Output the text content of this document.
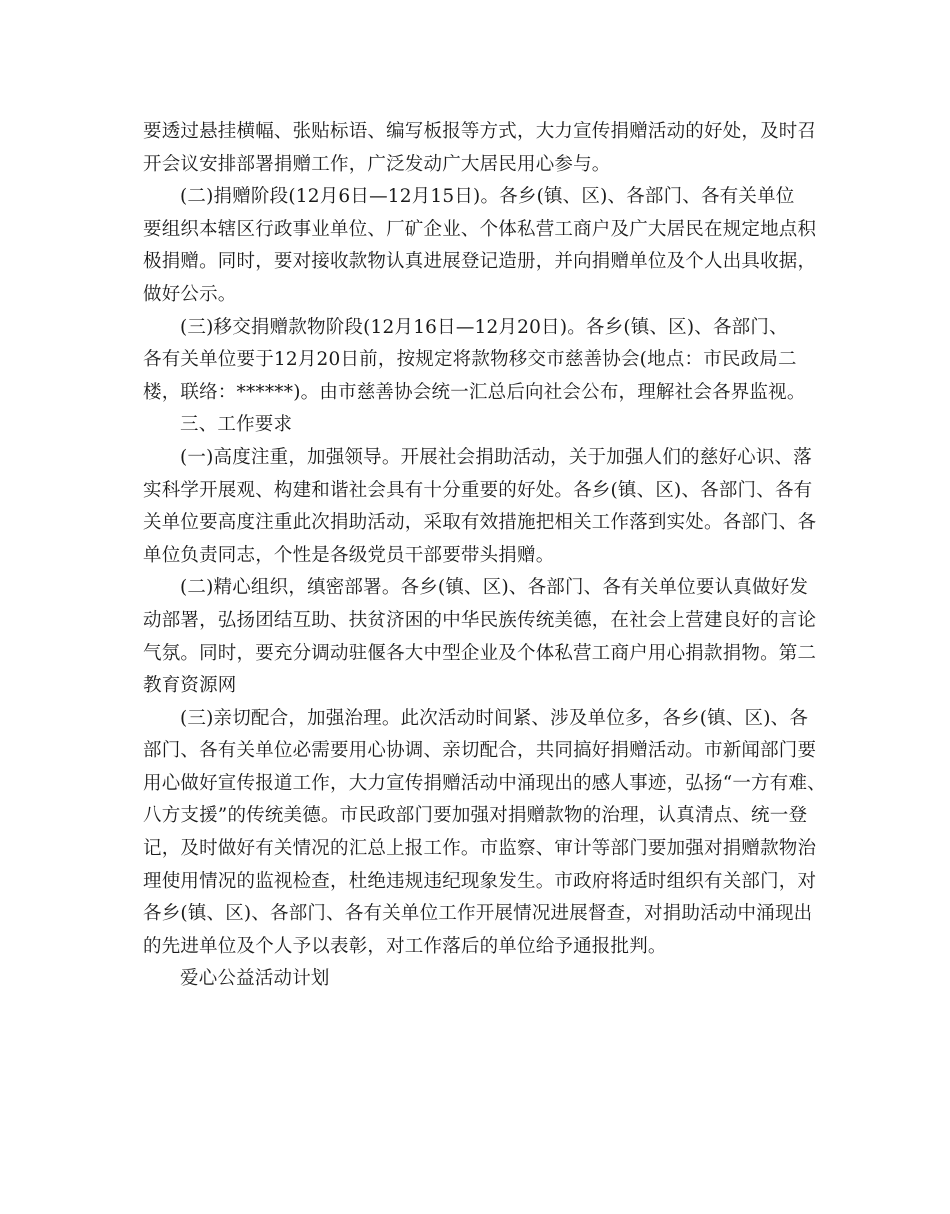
要透过悬挂横幅、张贴标语、编写板报等方式，大力宣传捐赠活动的好处，及时召
开会议安排部署捐赠工作，广泛发动广大居民用心参与。
(二)捐赠阶段(12月6日—12月15日)。各乡(镇、区)、各部门、各有关单位
要组织本辖区行政事业单位、厂矿企业、个体私营工商户及广大居民在规定地点积
极捐赠。同时，要对接收款物认真进展登记造册，并向捐赠单位及个人出具收据，
做好公示。
(三)移交捐赠款物阶段(12月16日—12月20日)。各乡(镇、区)、各部门、
各有关单位要于12月20日前，按规定将款物移交市慈善协会(地点：市民政局二
楼，联络：******)。由市慈善协会统一汇总后向社会公布，理解社会各界监视。
三、工作要求
(一)高度注重，加强领导。开展社会捐助活动，关于加强人们的慈好心识、落
实科学开展观、构建和谐社会具有十分重要的好处。各乡(镇、区)、各部门、各有
关单位要高度注重此次捐助活动，采取有效措施把相关工作落到实处。各部门、各
单位负责同志，个性是各级党员干部要带头捐赠。
(二)精心组织，缜密部署。各乡(镇、区)、各部门、各有关单位要认真做好发
动部署，弘扬团结互助、扶贫济困的中华民族传统美德，在社会上营建良好的言论
气氛。同时，要充分调动驻偃各大中型企业及个体私营工商户用心捐款捐物。第二
教育资源网
(三)亲切配合，加强治理。此次活动时间紧、涉及单位多，各乡(镇、区)、各
部门、各有关单位必需要用心协调、亲切配合，共同搞好捐赠活动。市新闻部门要
用心做好宣传报道工作，大力宣传捐赠活动中涌现出的感人事迹，弘扬“一方有难、
八方支援”的传统美德。市民政部门要加强对捐赠款物的治理，认真清点、统一登
记，及时做好有关情况的汇总上报工作。市监察、审计等部门要加强对捐赠款物治
理使用情况的监视检查，杜绝违规违纪现象发生。市政府将适时组织有关部门，对
各乡(镇、区)、各部门、各有关单位工作开展情况进展督查，对捐助活动中涌现出
的先进单位及个人予以表彰，对工作落后的单位给予通报批判。
爱心公益活动计划
